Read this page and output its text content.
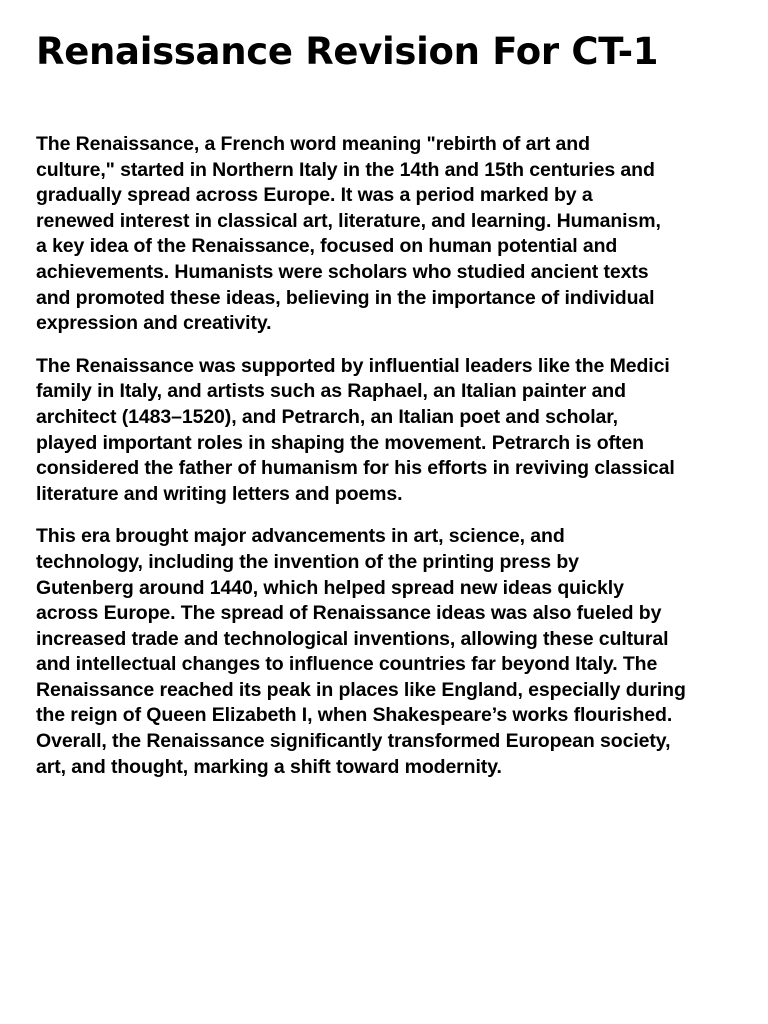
Renaissance Revision For CT-1

The Renaissance, a French word meaning "rebirth of art and
culture," started in Northern Italy in the 14th and 15th centuries and
gradually spread across Europe. It was a period marked by a
renewed interest in classical art, literature, and learning. Humanism,
a key idea of the Renaissance, focused on human potential and
achievements. Humanists were scholars who studied ancient texts
and promoted these ideas, believing in the importance of individual
expression and creativity.

The Renaissance was supported by influential leaders like the Medici
family in Italy, and artists such as Raphael, an Italian painter and
architect (1483–1520), and Petrarch, an Italian poet and scholar,
played important roles in shaping the movement. Petrarch is often
considered the father of humanism for his efforts in reviving classical
literature and writing letters and poems.

This era brought major advancements in art, science, and
technology, including the invention of the printing press by
Gutenberg around 1440, which helped spread new ideas quickly
across Europe. The spread of Renaissance ideas was also fueled by
increased trade and technological inventions, allowing these cultural
and intellectual changes to influence countries far beyond Italy. The
Renaissance reached its peak in places like England, especially during
the reign of Queen Elizabeth I, when Shakespeare’s works flourished.
Overall, the Renaissance significantly transformed European society,
art, and thought, marking a shift toward modernity.
